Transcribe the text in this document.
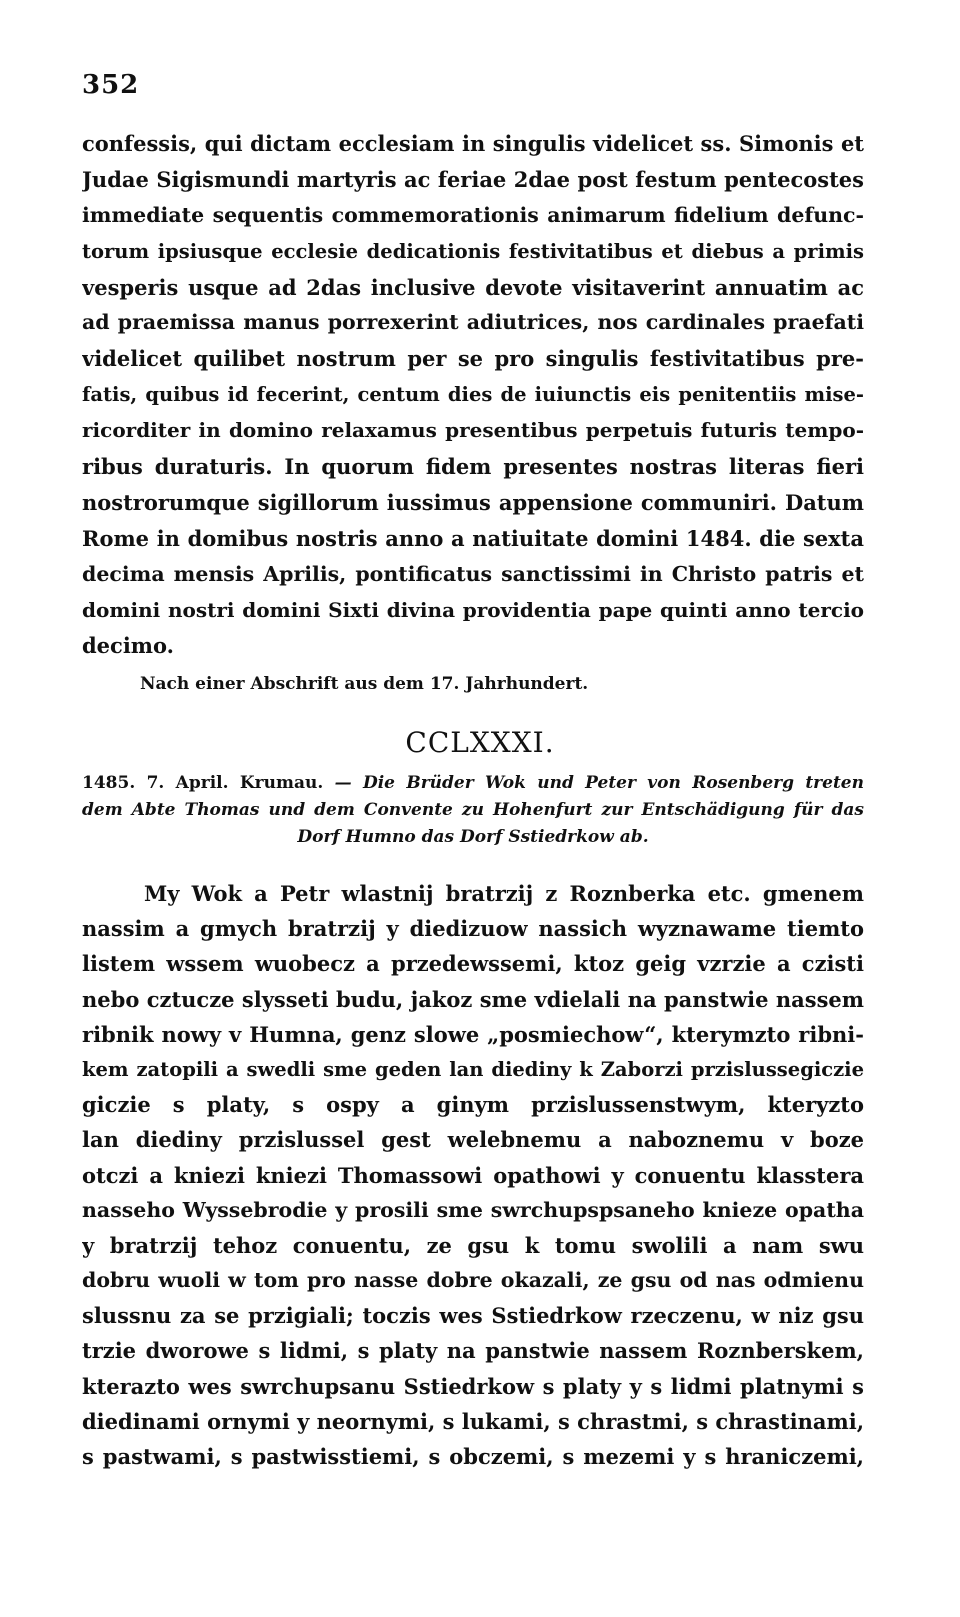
352
confessis, qui dictam ecclesiam in singulis videlicet ss. Simonis et
Judae Sigismundi martyris ac feriae 2dae post festum pentecostes
immediate sequentis commemorationis animarum fidelium defunc-
torum ipsiusque ecclesie dedicationis festivitatibus et diebus a primis
vesperis usque ad 2das inclusive devote visitaverint annuatim ac
ad praemissa manus porrexerint adiutrices, nos cardinales praefati
videlicet quilibet nostrum per se pro singulis festivitatibus pre-
fatis, quibus id fecerint, centum dies de iuiunctis eis penitentiis mise-
ricorditer in domino relaxamus presentibus perpetuis futuris tempo-
ribus duraturis. In quorum fidem presentes nostras literas fieri
nostrorumque sigillorum iussimus appensione communiri. Datum
Rome in domibus nostris anno a natiuitate domini 1484. die sexta
decima mensis Aprilis, pontificatus sanctissimi in Christo patris et
domini nostri domini Sixti divina providentia pape quinti anno tercio
decimo.
Nach einer Abschrift aus dem 17. Jahrhundert.
CCLXXXI.
1485. 7. April. Krumau. — Die Brüder Wok und Peter von Rosenberg treten
dem Abte Thomas und dem Convente zu Hohenfurt zur Entschädigung für das
Dorf Humno das Dorf Sstiedrkow ab.
My Wok a Petr wlastnij bratrzij z Roznberka etc. gmenem
nassim a gmych bratrzij y diedizuow nassich wyznawame tiemto
listem wssem wuobecz a przedewssemi, ktoz geig vzrzie a czisti
nebo cztucze slysseti budu, jakoz sme vdielali na panstwie nassem
ribnik nowy v Humna, genz slowe „posmiechow“, kterymzto ribni-
kem zatopili a swedli sme geden lan diediny k Zaborzi przislussegiczie
giczie s platy, s ospy a ginym przislussenstwym, kteryzto
lan diediny przislussel gest welebnemu a naboznemu v boze
otczi a kniezi kniezi Thomassowi opathowi y conuentu klasstera
nasseho Wyssebrodie y prosili sme swrchupspsaneho knieze opatha
y bratrzij tehoz conuentu, ze gsu k tomu swolili a nam swu
dobru wuoli w tom pro nasse dobre okazali, ze gsu od nas odmienu
slussnu za se przigiali; toczis wes Sstiedrkow rzeczenu, w niz gsu
trzie dworowe s lidmi, s platy na panstwie nassem Roznberskem,
kterazto wes swrchupsanu Sstiedrkow s platy y s lidmi platnymi s
diedinami ornymi y neornymi, s lukami, s chrastmi, s chrastinami,
s pastwami, s pastwisstiemi, s obczemi, s mezemi y s hraniczemi,
